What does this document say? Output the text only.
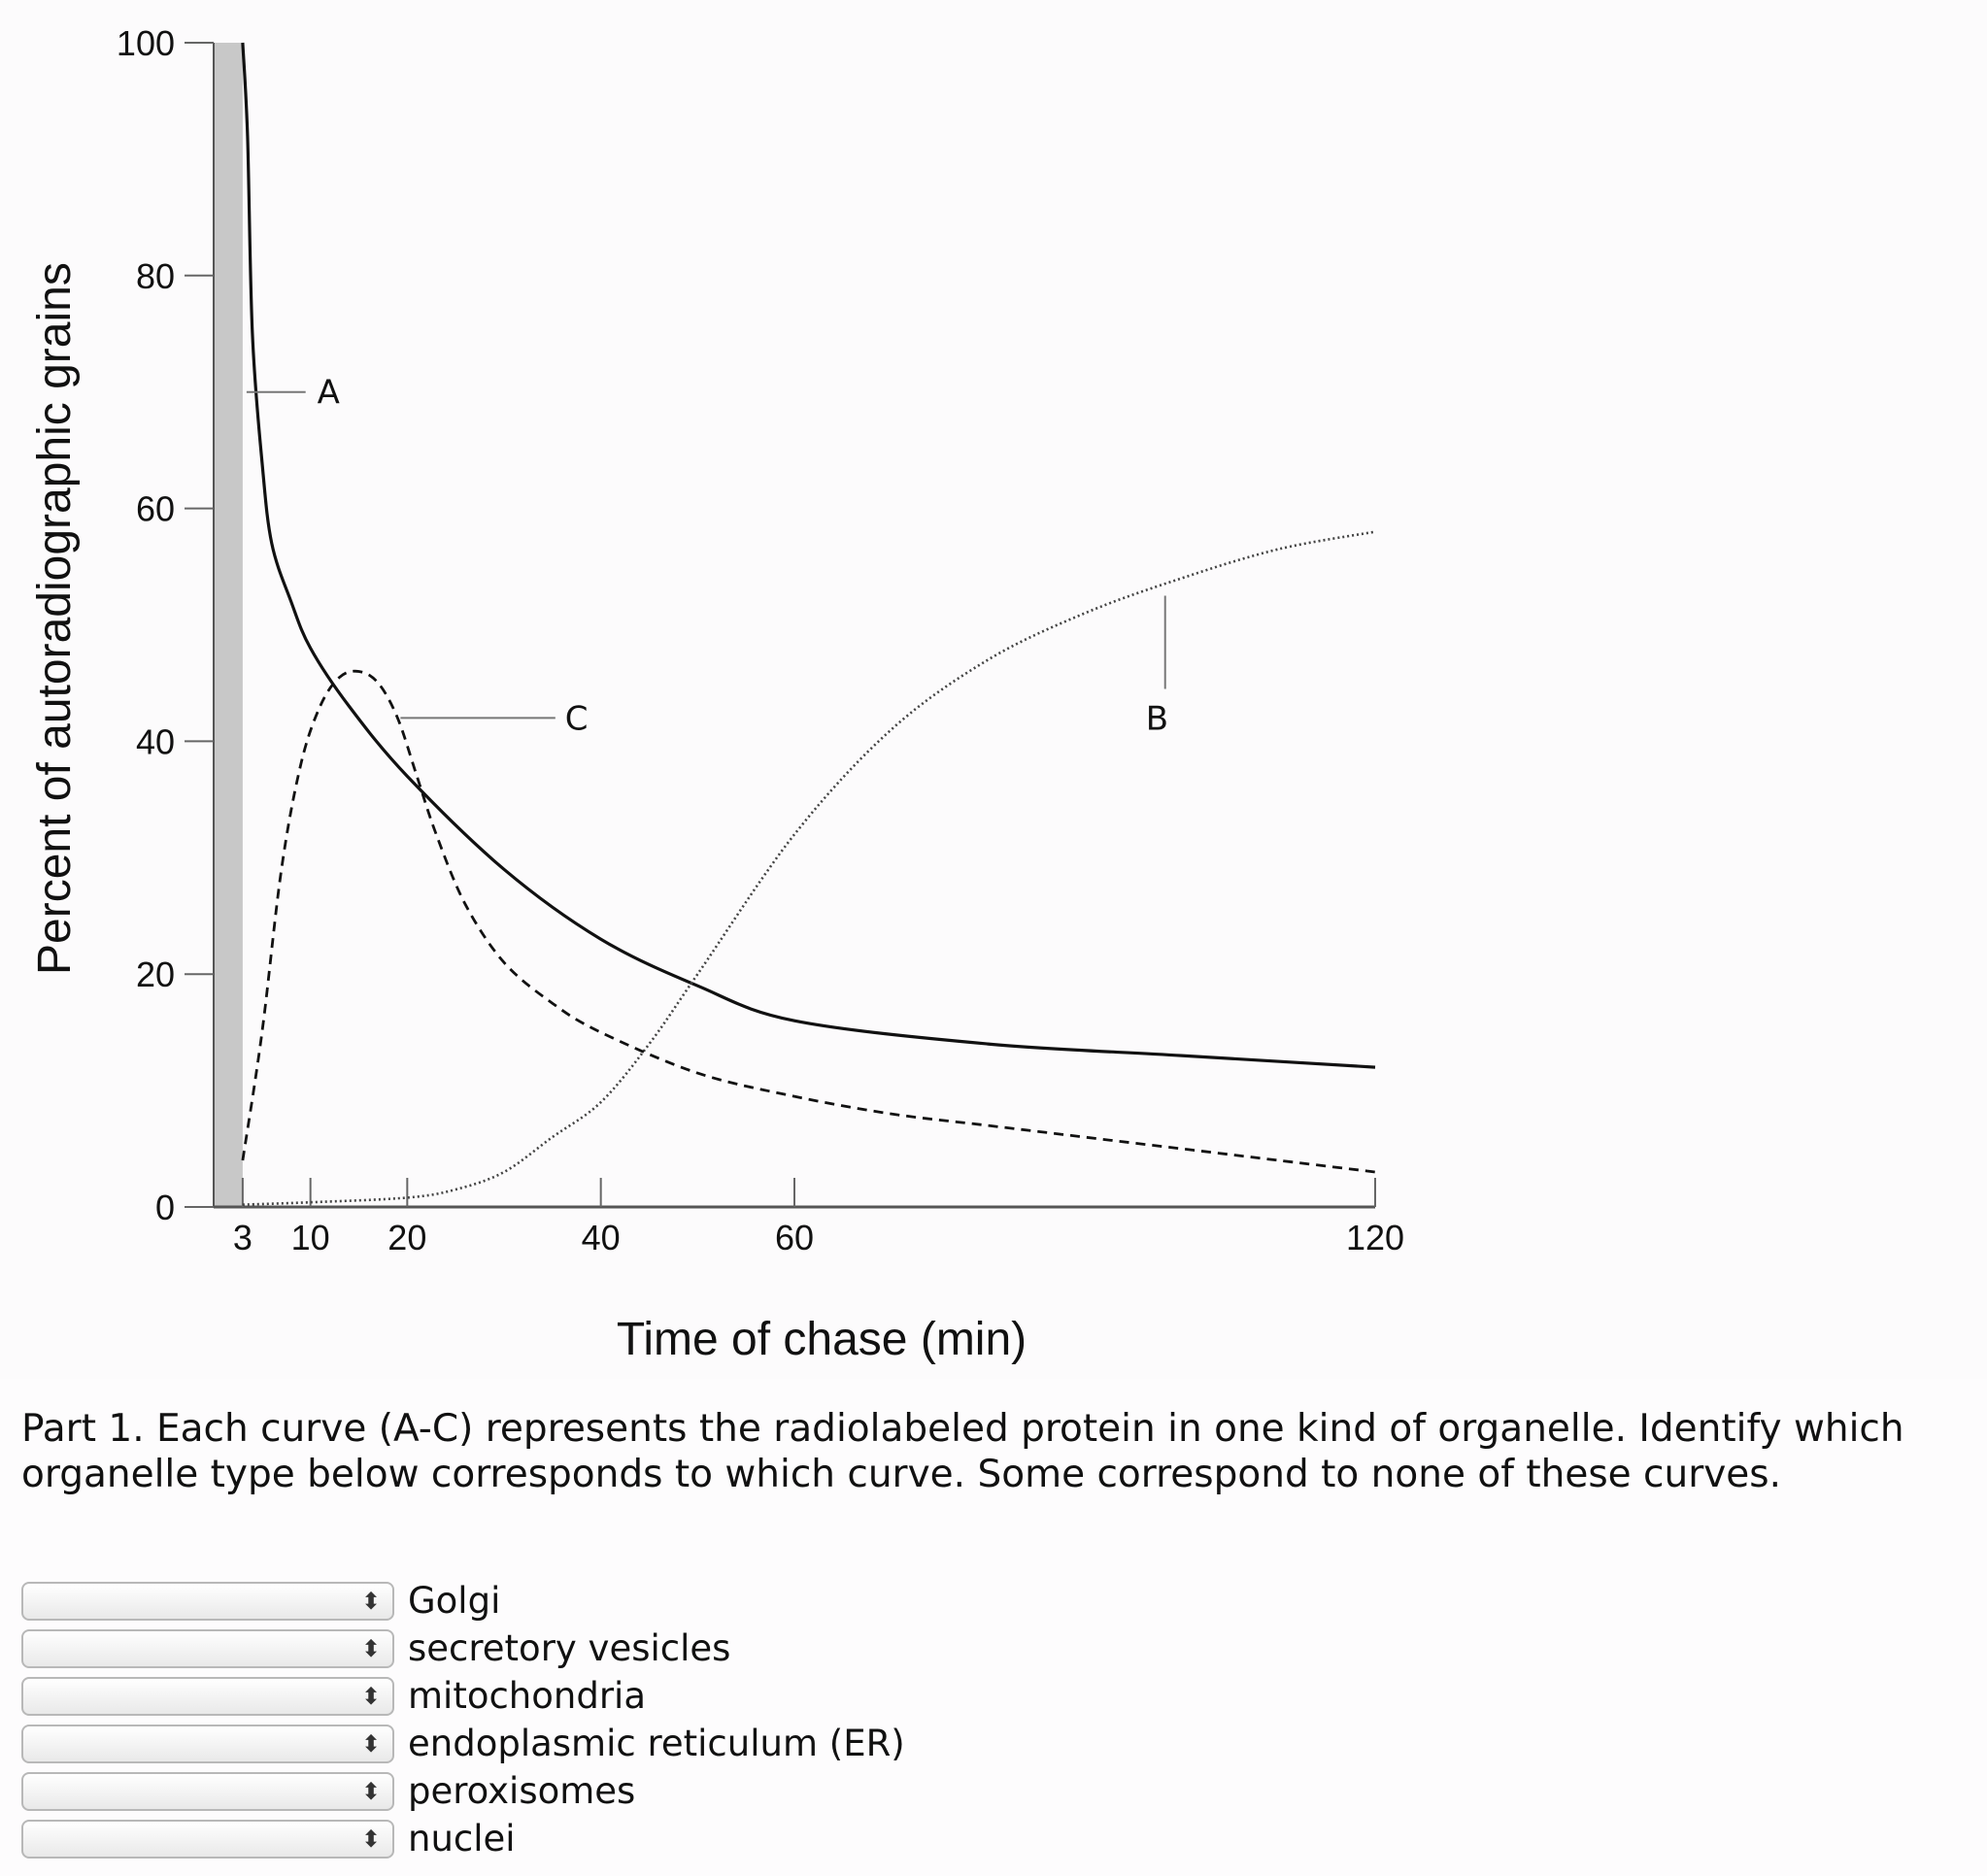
0
20
40
60
80
100
3 10 20	40	60	120
A
B
C
Percent of autoradiographic grains
Time of chase (min)

Part 1. Each curve (A-C) represents the radiolabeled protein in one kind of organelle. Identify which
organelle type below corresponds to which curve. Some correspond to none of these curves.

⬍ Golgi
⬍ secretory vesicles
⬍ mitochondria
⬍ endoplasmic reticulum (ER)
⬍ peroxisomes
⬍ nuclei
